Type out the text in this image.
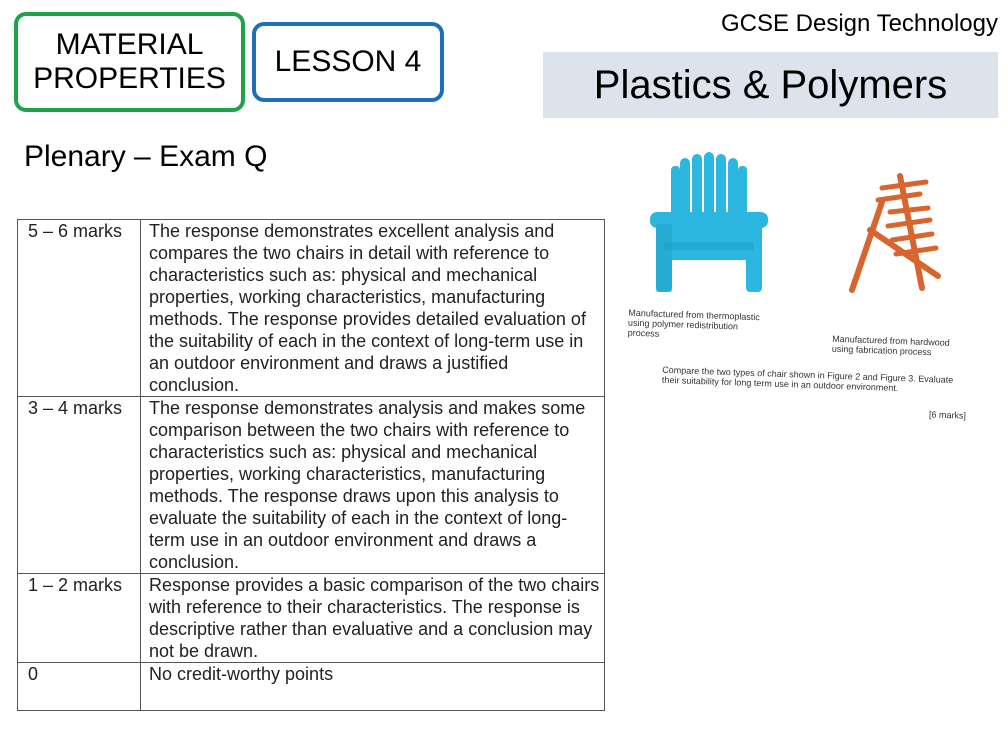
MATERIAL PROPERTIES
LESSON 4
GCSE Design Technology
Plastics & Polymers
Plenary – Exam Q
5 – 6 marks	The response demonstrates excellent analysis and compares the two chairs in detail with reference to characteristics such as: physical and mechanical properties, working characteristics, manufacturing methods. The response provides detailed evaluation of the suitability of each in the context of long-term use in an outdoor environment and draws a justified conclusion.
3 – 4 marks	The response demonstrates analysis and makes some comparison between the two chairs with reference to characteristics such as: physical and mechanical properties, working characteristics, manufacturing methods. The response draws upon this analysis to evaluate the suitability of each in the context of long-term use in an outdoor environment and draws a conclusion.
1 – 2 marks	Response provides a basic comparison of the two chairs with reference to their characteristics. The response is descriptive rather than evaluative and a conclusion may not be drawn.
0	No credit-worthy points
Manufactured from thermoplastic using polymer redistribution process
Manufactured from hardwood using fabrication process
Compare the two types of chair shown in Figure 2 and Figure 3. Evaluate their suitability for long term use in an outdoor environment.
[6 marks]
